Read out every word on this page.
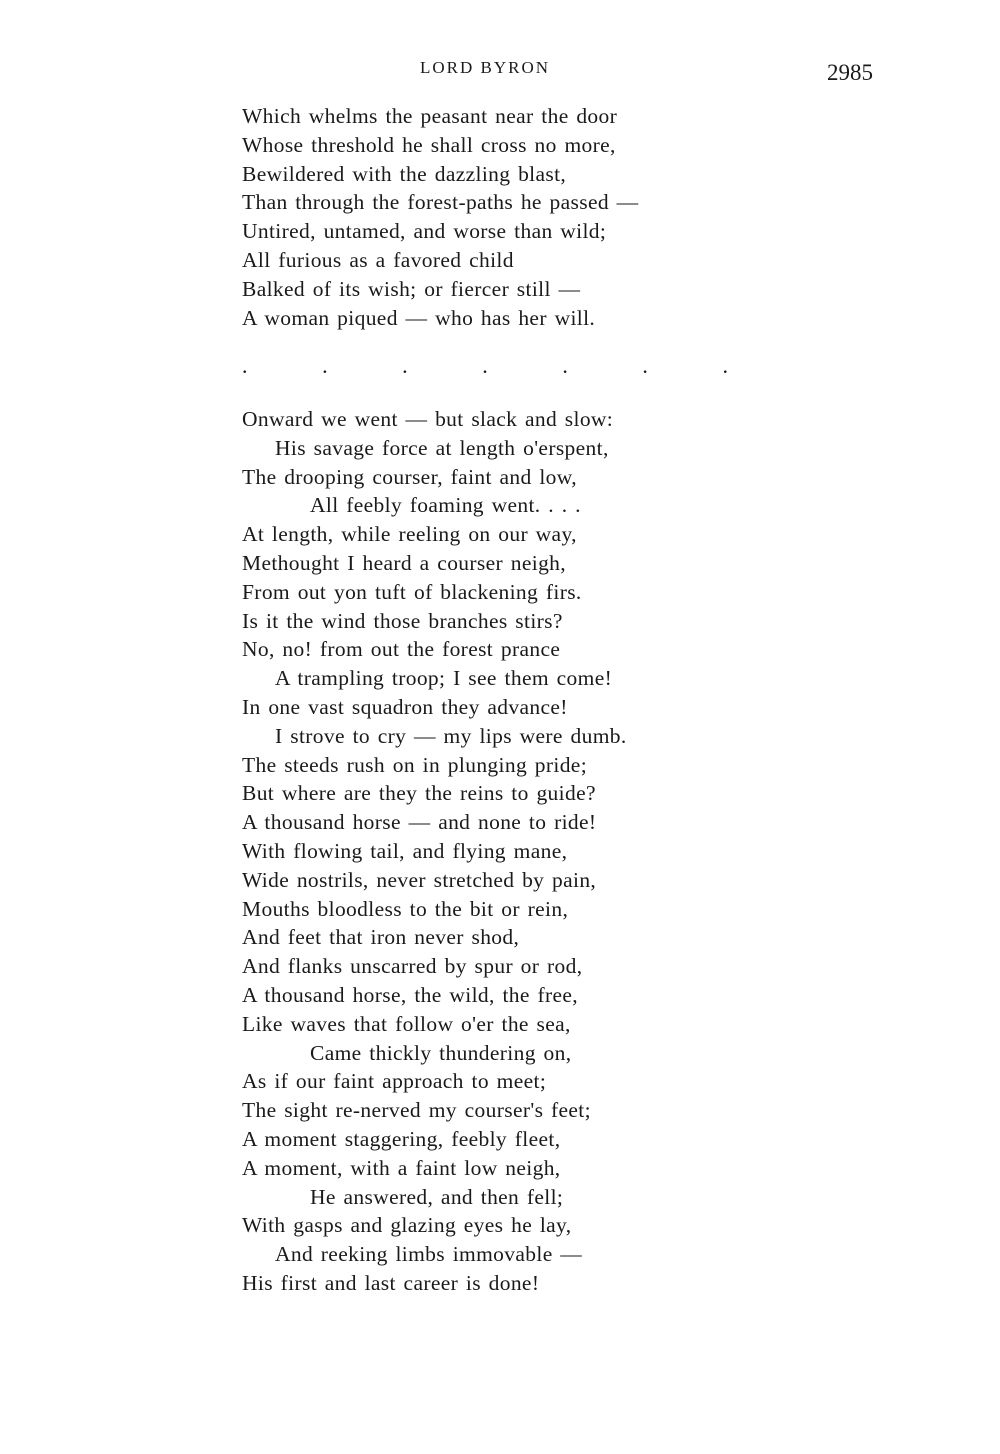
LORD BYRON	2985
Which whelms the peasant near the door
Whose threshold he shall cross no more,
Bewildered with the dazzling blast,
Than through the forest-paths he passed —
Untired, untamed, and worse than wild;
All furious as a favored child
Balked of its wish; or fiercer still —
A woman piqued — who has her will.
.	.	.	.	.	.	.
Onward we went — but slack and slow:
His savage force at length o'erspent,
The drooping courser, faint and low,
All feebly foaming went. . . .
At length, while reeling on our way,
Methought I heard a courser neigh,
From out yon tuft of blackening firs.
Is it the wind those branches stirs?
No, no! from out the forest prance
A trampling troop; I see them come!
In one vast squadron they advance!
I strove to cry — my lips were dumb.
The steeds rush on in plunging pride;
But where are they the reins to guide?
A thousand horse — and none to ride!
With flowing tail, and flying mane,
Wide nostrils, never stretched by pain,
Mouths bloodless to the bit or rein,
And feet that iron never shod,
And flanks unscarred by spur or rod,
A thousand horse, the wild, the free,
Like waves that follow o'er the sea,
Came thickly thundering on,
As if our faint approach to meet;
The sight re-nerved my courser's feet;
A moment staggering, feebly fleet,
A moment, with a faint low neigh,
He answered, and then fell;
With gasps and glazing eyes he lay,
And reeking limbs immovable —
His first and last career is done!
